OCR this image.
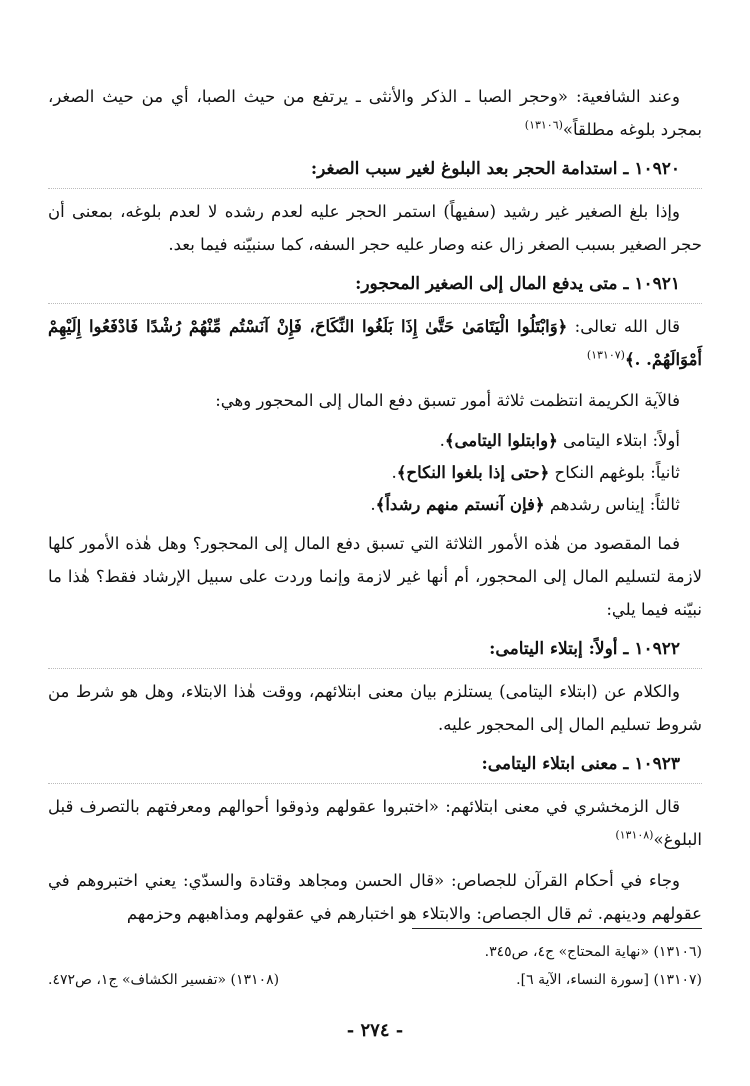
وعند الشافعية: «وحجر الصبا ـ الذكر والأنثى ـ يرتفع من حيث الصبا، أي من حيث الصغر، بمجرد بلوغه مطلقاً»$^{(١٣١٠٦)}$

١٠٩٢٠ ـ استدامة الحجر بعد البلوغ لغير سبب الصغر:

وإذا بلغ الصغير غير رشيد (سفيهاً) استمر الحجر عليه لعدم رشده لا لعدم بلوغه، بمعنى أن حجر الصغير بسبب الصغر زال عنه وصار عليه حجر السفه، كما سنبيّنه فيما بعد.

١٠٩٢١ ـ متى يدفع المال إلى الصغير المحجور:

قال الله تعالى: ﴿وَابْتَلُوا الْيَتَامَىٰ حَتَّىٰ إِذَا بَلَغُوا النِّكَاحَ، فَإِنْ آنَسْتُم مِّنْهُمْ رُشْدًا فَادْفَعُوا إِلَيْهِمْ أَمْوَالَهُمْ. .﴾$^{(١٣١٠٧)}$

فالآية الكريمة انتظمت ثلاثة أمور تسبق دفع المال إلى المحجور وهي:

أولاً: ابتلاء اليتامى ﴿وابتلوا اليتامى﴾.
ثانياً: بلوغهم النكاح ﴿حتى إذا بلغوا النكاح﴾.
ثالثاً: إيناس رشدهم ﴿فإن آنستم منهم رشداً﴾.

فما المقصود من هٰذه الأمور الثلاثة التي تسبق دفع المال إلى المحجور؟ وهل هٰذه الأمور كلها لازمة لتسليم المال إلى المحجور، أم أنها غير لازمة وإنما وردت على سبيل الإرشاد فقط؟ هٰذا ما نبيّنه فيما يلي:

١٠٩٢٢ ـ أولاً: إبتلاء اليتامى:

والكلام عن (ابتلاء اليتامى) يستلزم بيان معنى ابتلائهم، ووقت هٰذا الابتلاء، وهل هو شرط من شروط تسليم المال إلى المحجور عليه.

١٠٩٢٣ ـ معنى ابتلاء اليتامى:

قال الزمخشري في معنى ابتلائهم: «اختبروا عقولهم وذوقوا أحوالهم ومعرفتهم بالتصرف قبل البلوغ»$^{(١٣١٠٨)}$

وجاء في أحكام القرآن للجصاص: «قال الحسن ومجاهد وقتادة والسدّي: يعني اختبروهم في عقولهم ودينهم. ثم قال الجصاص: والابتلاء هو اختبارهم في عقولهم ومذاهبهم وحزمهم

(١٣١٠٦) «نهاية المحتاج» ج٤، ص٣٤٥.
(١٣١٠٧) [سورة النساء، الآية ٦].
(١٣١٠٨) «تفسير الكشاف» ج١، ص٤٧٢.
- ٢٧٤ -
